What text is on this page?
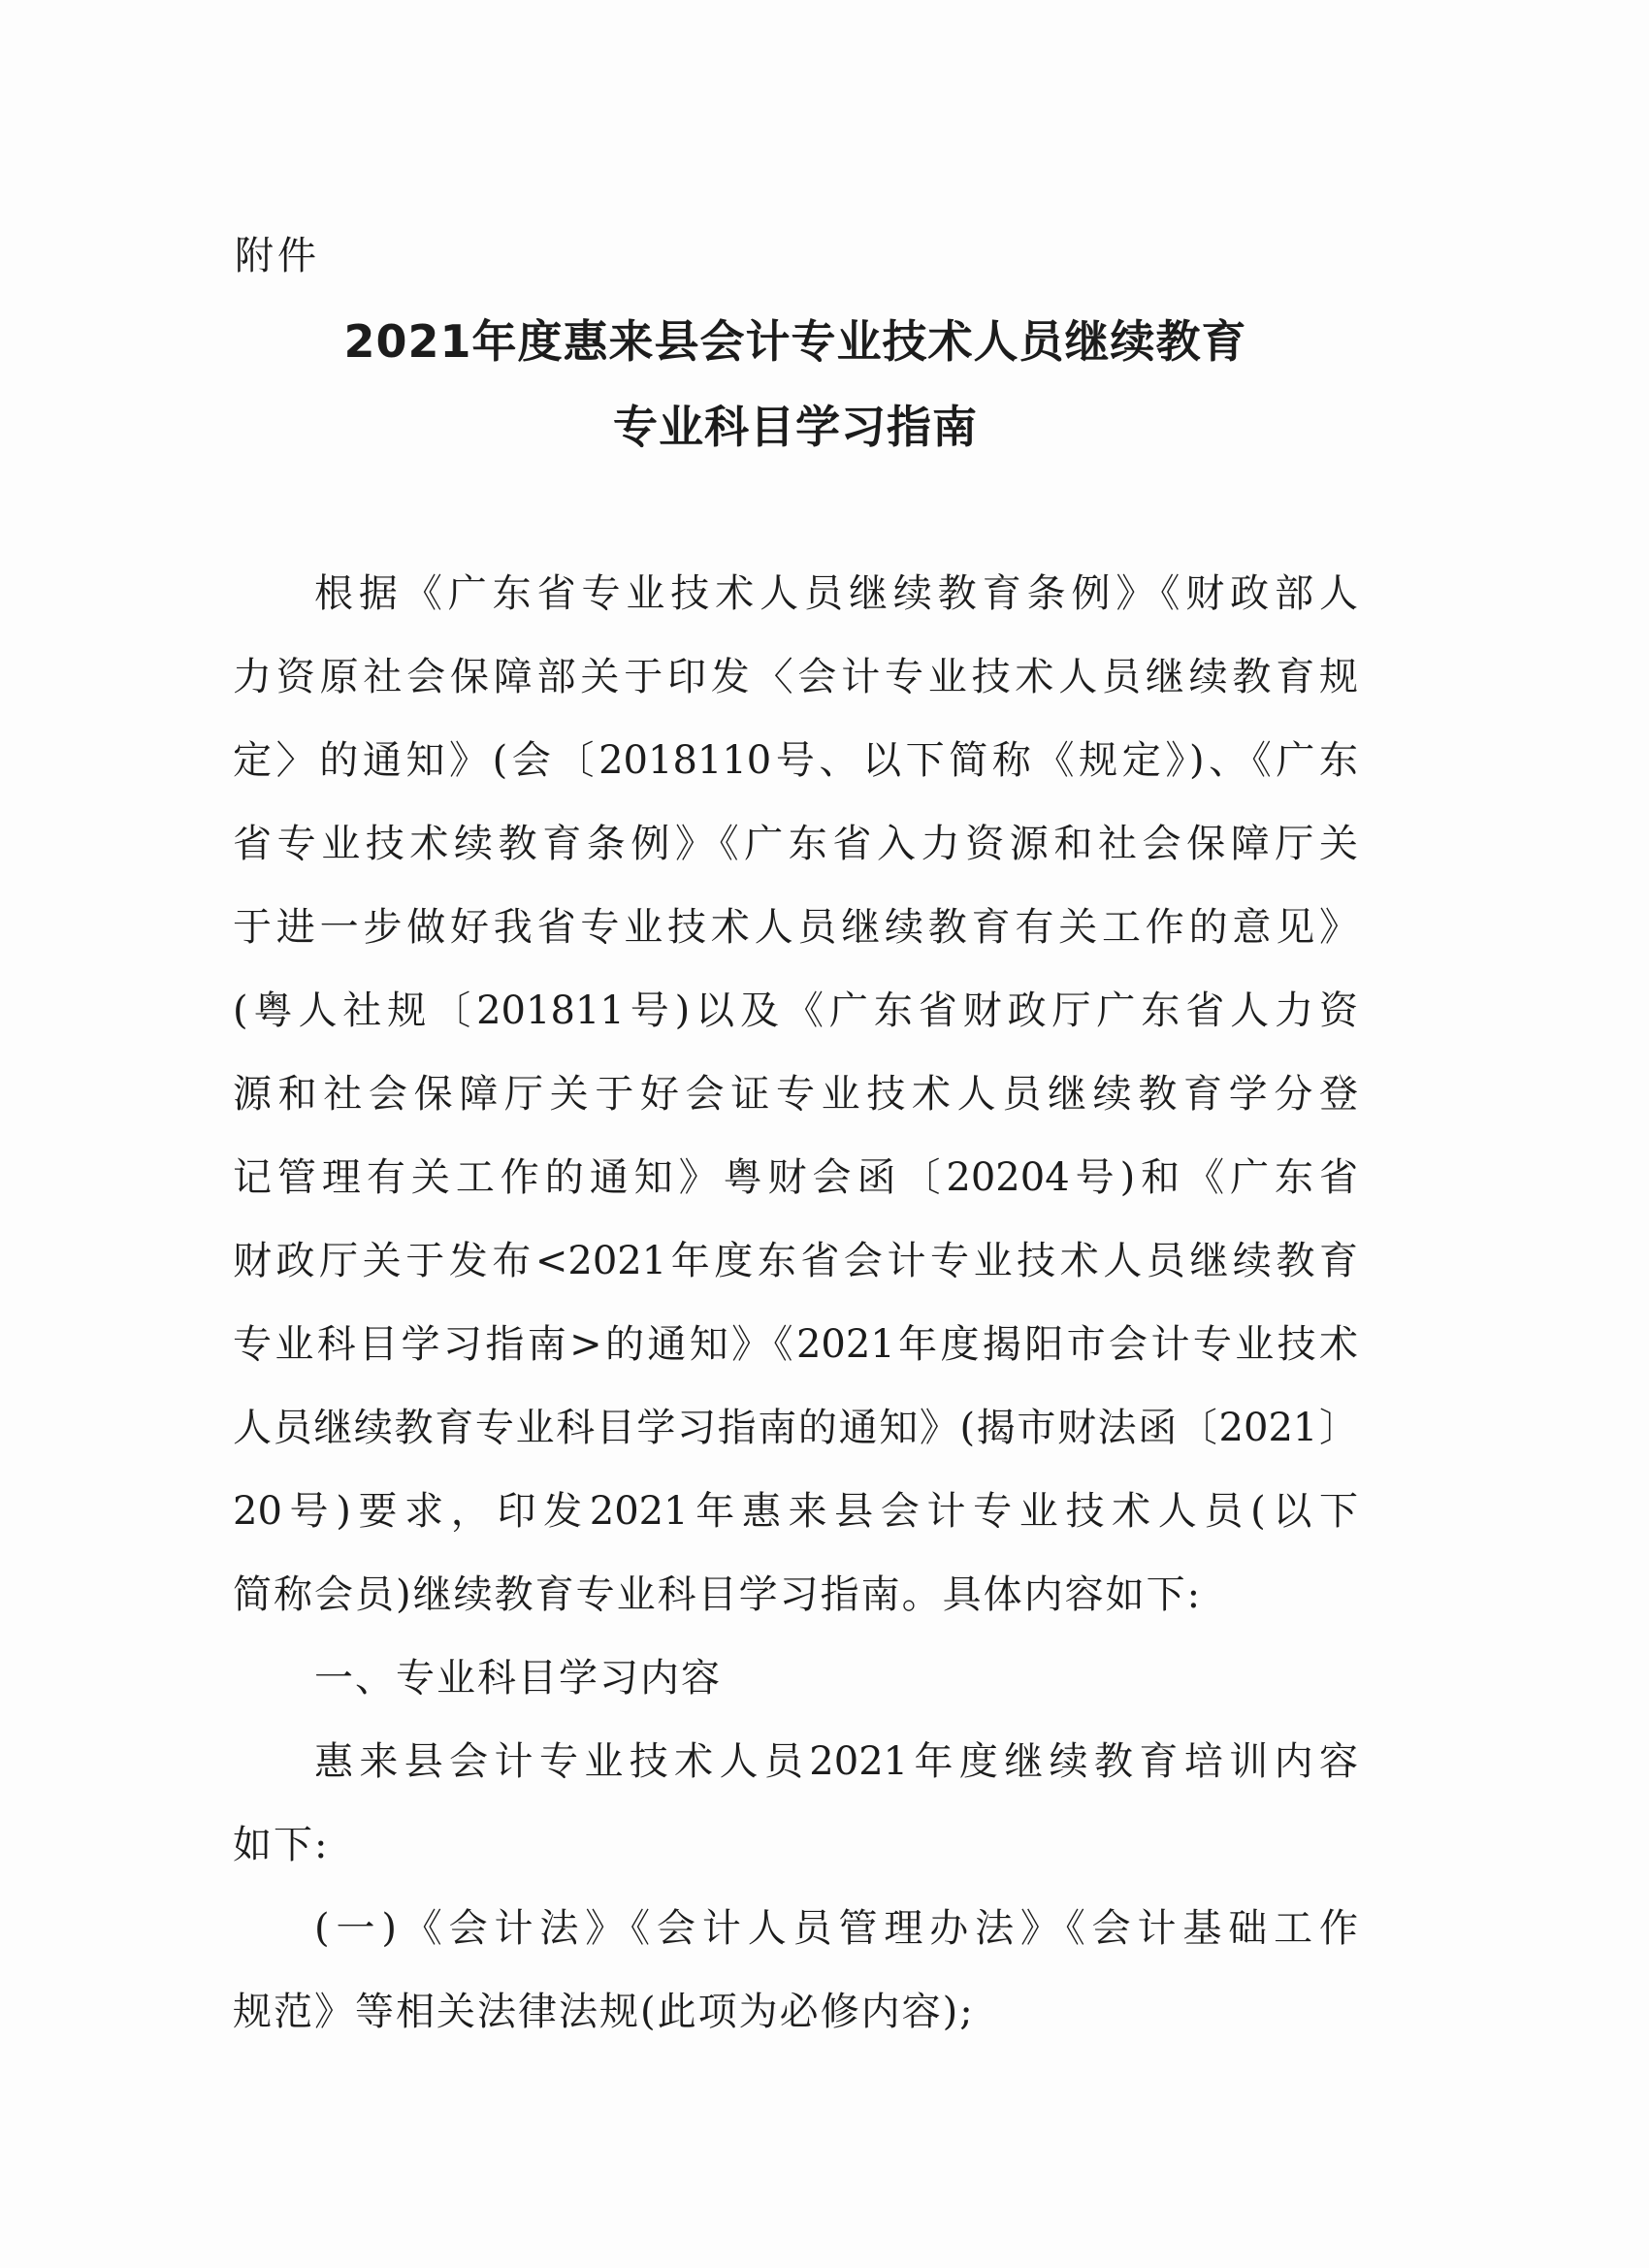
附件
2021年度惠来县会计专业技术人员继续教育
专业科目学习指南
根据《广东省专业技术人员继续教育条例》《财政部人
力资原社会保障部关于印发〈会计专业技术人员继续教育规
定〉的通知》(会〔2018110号、以下简称《规定》)、《广东
省专业技术续教育条例》《广东省入力资源和社会保障厅关
于进一步做好我省专业技术人员继续教育有关工作的意见》
(粤人社规〔201811号)以及《广东省财政厅广东省人力资
源和社会保障厅关于好会证专业技术人员继续教育学分登
记管理有关工作的通知》粤财会函〔20204号)和《广东省
财政厅关于发布<2021年度东省会计专业技术人员继续教育
专业科目学习指南>的通知》《2021年度揭阳市会计专业技术
人员继续教育专业科目学习指南的通知》(揭市财法函〔2021〕
20号)要求，印发2021年惠来县会计专业技术人员(以下
简称会员)继续教育专业科目学习指南。具体内容如下:
一、专业科目学习内容
惠来县会计专业技术人员2021年度继续教育培训内容
如下:
(一)《会计法》《会计人员管理办法》《会计基础工作
规范》等相关法律法规(此项为必修内容);
